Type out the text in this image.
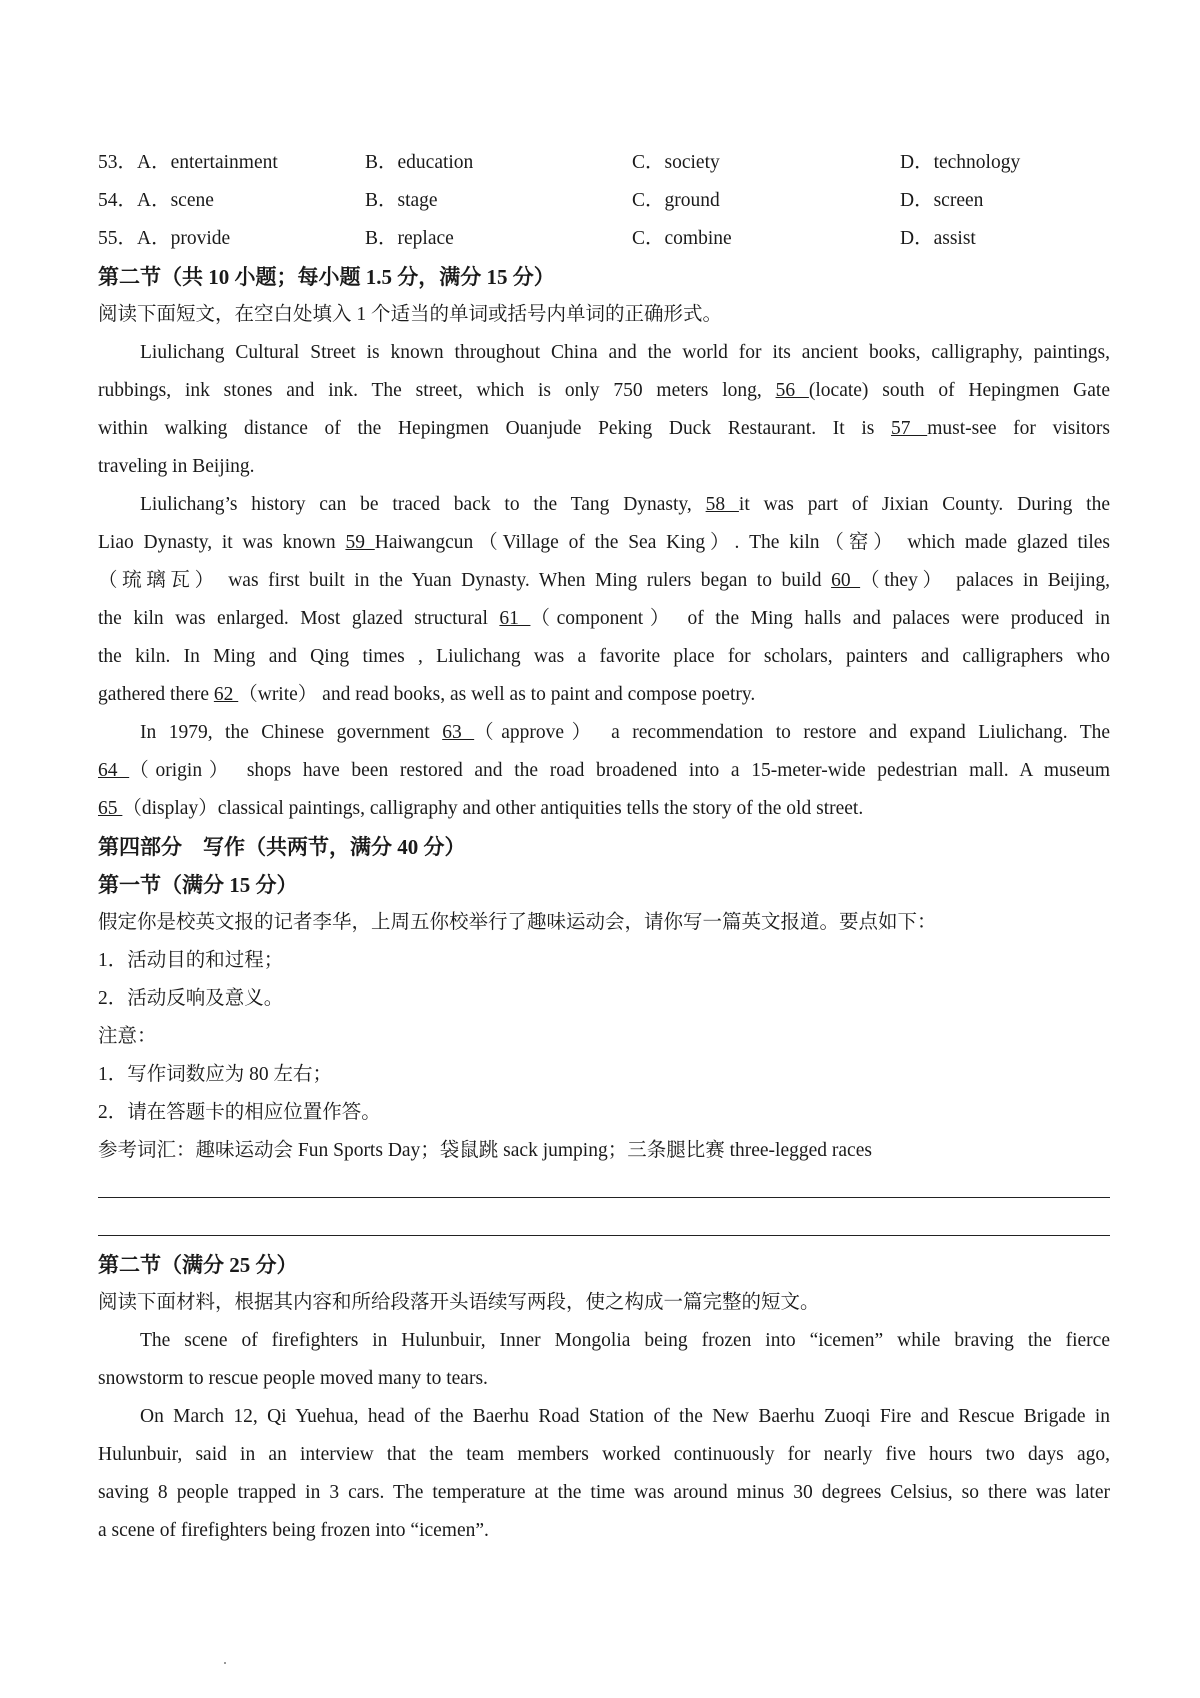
53．A．entertainment	B．education	C．society	D．technology
54．A．scene	B．stage	C．ground	D．screen
55．A．provide	B．replace	C．combine	D．assist
第二节（共 10 小题；每小题 1.5 分，满分 15 分）
阅读下面短文，在空白处填入 1 个适当的单词或括号内单词的正确形式。
Liulichang Cultural Street is known throughout China and the world for its ancient books, calligraphy, paintings,
rubbings, ink stones and ink. The street, which is only 750 meters long, 56 (locate) south of Hepingmen Gate
within walking distance of the Hepingmen Ouanjude Peking Duck Restaurant. It is 57 must-see for visitors
traveling in Beijing.
Liulichang’s history can be traced back to the Tang Dynasty, 58 it was part of Jixian County. During the
Liao Dynasty, it was known 59 Haiwangcun（Village of the Sea King）. The kiln（窑） which made glazed tiles
（琉璃瓦） was first built in the Yuan Dynasty. When Ming rulers began to build 60 （they） palaces in Beijing,
the kiln was enlarged. Most glazed structural 61 （component） of the Ming halls and palaces were produced in
the kiln. In Ming and Qing times , Liulichang was a favorite place for scholars, painters and calligraphers who
gathered there 62 （write） and read books, as well as to paint and compose poetry.
In 1979, the Chinese government 63 （approve） a recommendation to restore and expand Liulichang. The
64 （origin） shops have been restored and the road broadened into a 15-meter-wide pedestrian mall. A museum
65 （display）classical paintings, calligraphy and other antiquities tells the story of the old street.
第四部分　写作（共两节，满分 40 分）
第一节（满分 15 分）
假定你是校英文报的记者李华，上周五你校举行了趣味运动会，请你写一篇英文报道。要点如下：
1．活动目的和过程；
2．活动反响及意义。
注意：
1．写作词数应为 80 左右；
2．请在答题卡的相应位置作答。
参考词汇：趣味运动会 Fun Sports Day；袋鼠跳 sack jumping；三条腿比赛 three-legged races
第二节（满分 25 分）
阅读下面材料，根据其内容和所给段落开头语续写两段，使之构成一篇完整的短文。
The scene of firefighters in Hulunbuir, Inner Mongolia being frozen into “icemen” while braving the fierce
snowstorm to rescue people moved many to tears.
On March 12, Qi Yuehua, head of the Baerhu Road Station of the New Baerhu Zuoqi Fire and Rescue Brigade in
Hulunbuir, said in an interview that the team members worked continuously for nearly five hours two days ago,
saving 8 people trapped in 3 cars. The temperature at the time was around minus 30 degrees Celsius, so there was later
a scene of firefighters being frozen into “icemen”.
